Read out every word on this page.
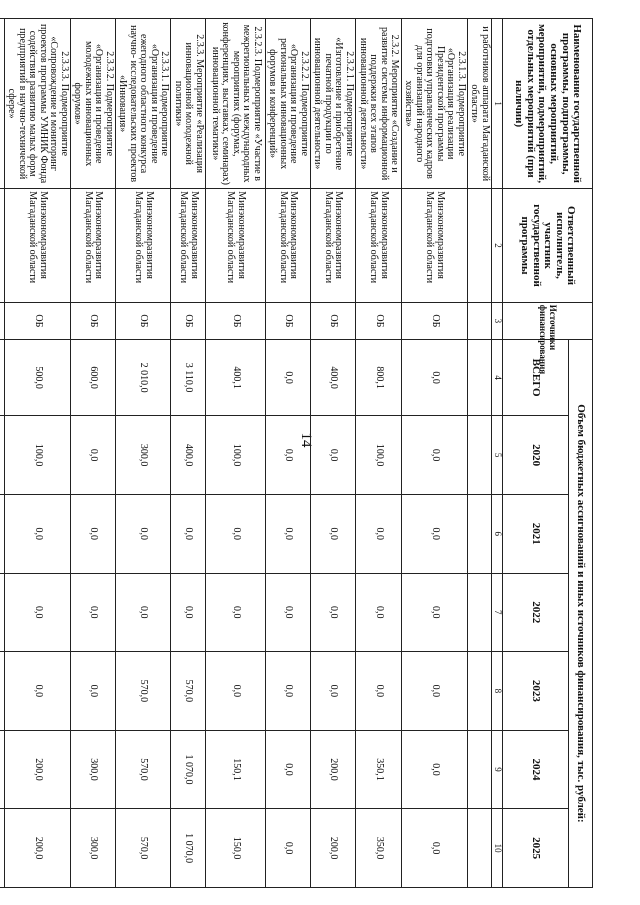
14
Наименование государственной программы, подпрограммы, основных мероприятий, мероприятий, подмероприятий, отдельных мероприятий (при наличии)	Ответственный исполнитель, участник государственной программы	Источники финансирования	Объем бюджетных ассигнований и иных источников финансирования, тыс. рублей:						
			ВСЕГО	2020	2021	2022	2023	2024	2025
1	2	3	4	5	6	7	8	9	10
и работников аппарата Магаданской области»									
2.3.1.3. Подмероприятие «Организация реализации Президентской программы подготовки управленческих кадров для организаций народного хозяйства»	Минэкономразвития Магаданской области	ОБ	0,0	0,0	0,0	0,0	0,0	0,0	0,0
2.3.2. Мероприятие «Создание и развитие системы информационной поддержки всех этапов инновационной деятельности»	Минэкономразвития Магаданской области	ОБ	800,1	100,0	0,0	0,0	0,0	350,1	350,0
2.3.2.1. Подмероприятие «Изготовление и приобретение печатной продукции по инновационной деятельности»	Минэкономразвития Магаданской области	ОБ	400,0	0,0	0,0	0,0	0,0	200,0	200,0
2.3.2.2. Подмероприятие «Организация и проведение региональных инновационных форумов и конференций»	Минэкономразвития Магаданской области	ОБ	0,0	0,0	0,0	0,0	0,0	0,0	0,0
2.3.2.3. Подмероприятие «Участие в межрегиональных и международных мероприятиях (форумах, конференциях, выставках, семинарах) инновационной тематики»	Минэкономразвития Магаданской области	ОБ	400,1	100,0	0,0	0,0	0,0	150,1	150,0
2.3.3. Мероприятие «Реализация инновационной молодежной политики»	Минэкономразвития Магаданской области	ОБ	3 110,0	400,0	0,0	0,0	570,0	1 070,0	1 070,0
2.3.3.1. Подмероприятие «Организация и проведение ежегодного областного конкурса научно- исследовательских проектов «Инновация»	Минэкономразвития Магаданской области	ОБ	2 010,0	300,0	0,0	0,0	570,0	570,0	570,0
2.3.3.2. Подмероприятие «Организация и проведение молодежных инновационных форумов»	Минэкономразвития Магаданской области	ОБ	600,0	0,0	0,0	0,0	0,0	300,0	300,0
2.3.3.3. Подмероприятие «Сопровождение и мониторинг проектов программы УМНИК Фонда содействия развитию малых форм предприятий в научно-технической сфере»	Минэкономразвития Магаданской области	ОБ	500,0	100,0	0,0	0,0	0,0	200,0	200,0
